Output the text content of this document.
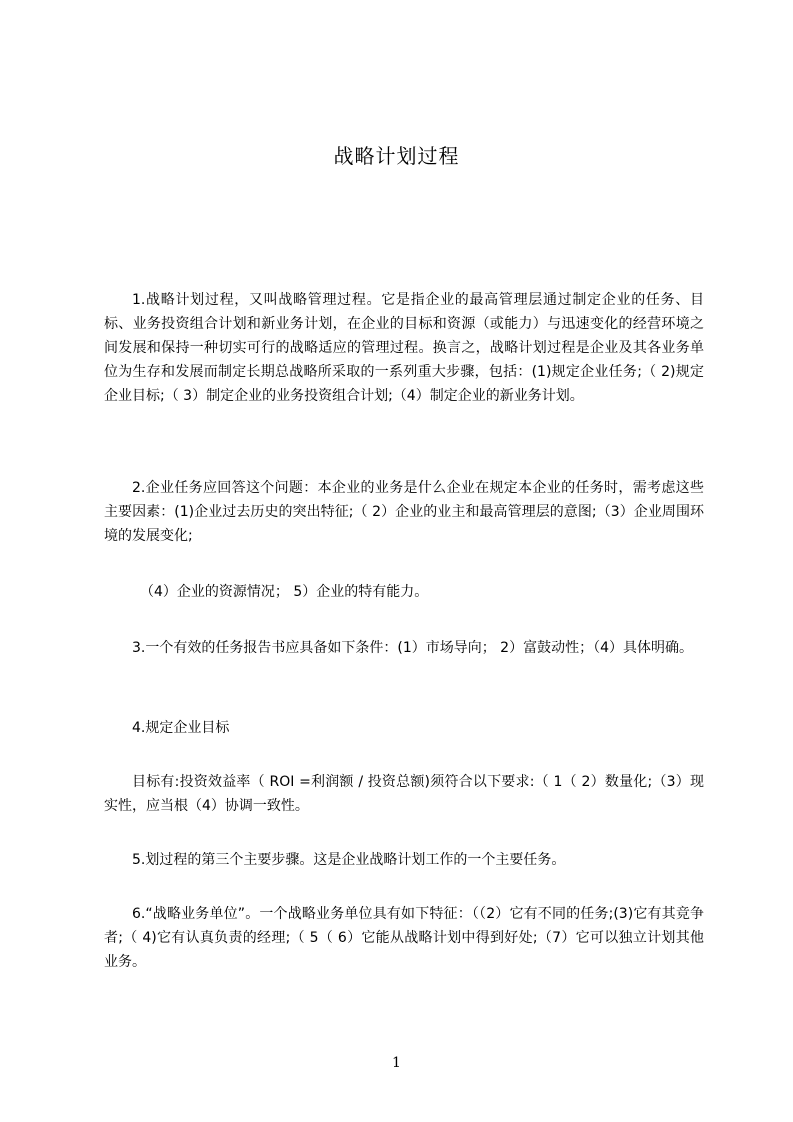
战略计划过程

1.战略计划过程，又叫战略管理过程。它是指企业的最高管理层通过制定企业的任务、目标、业务投资组合计划和新业务计划，在企业的目标和资源（或能力）与迅速变化的经营环境之间发展和保持一种切实可行的战略适应的管理过程。换言之，战略计划过程是企业及其各业务单位为生存和发展而制定长期总战略所采取的一系列重大步骤，包括：(1)规定企业任务;（ 2)规定企业目标;（ 3）制定企业的业务投资组合计划;（4）制定企业的新业务计划。

2.企业任务应回答这个问题：本企业的业务是什么企业在规定本企业的任务时，需考虑这些主要因素：(1)企业过去历史的突出特征;（ 2）企业的业主和最高管理层的意图;（3）企业周围环境的发展变化;

（4）企业的资源情况； 5）企业的特有能力。

3.一个有效的任务报告书应具备如下条件：(1）市场导向； 2）富鼓动性；（4）具体明确。

4.规定企业目标

目标有:投资效益率（ ROI =利润额 / 投资总额)须符合以下要求:（ 1（ 2）数量化;（3）现实性，应当根（4）协调一致性。

5.划过程的第三个主要步骤。这是企业战略计划工作的一个主要任务。

6.“战略业务单位”。一个战略业务单位具有如下特征：（（2）它有不同的任务;(3)它有其竞争者;（ 4)它有认真负责的经理;（ 5（ 6）它能从战略计划中得到好处;（7）它可以独立计划其他业务。

1
